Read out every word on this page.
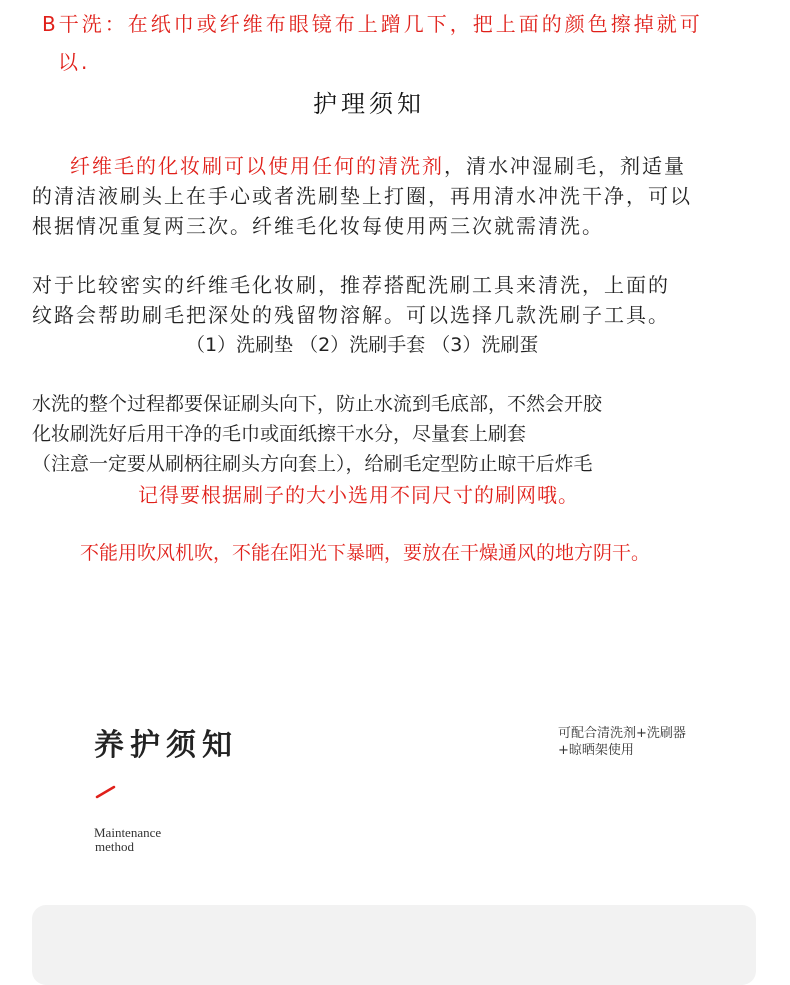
B干洗：在纸巾或纤维布眼镜布上蹭几下，把上面的颜色擦掉就可
以.
护理须知
纤维毛的化妆刷可以使用任何的清洗剂，清水冲湿刷毛，剂适量
的清洁液刷头上在手心或者洗刷垫上打圈，再用清水冲洗干净，可以
根据情况重复两三次。纤维毛化妆每使用两三次就需清洗。
对于比较密实的纤维毛化妆刷，推荐搭配洗刷工具来清洗，上面的
纹路会帮助刷毛把深处的残留物溶解。可以选择几款洗刷子工具。
（1）洗刷垫 （2）洗刷手套 （3）洗刷蛋
水洗的整个过程都要保证刷头向下，防止水流到毛底部，不然会开胶
化妆刷洗好后用干净的毛巾或面纸擦干水分，尽量套上刷套
（注意一定要从刷柄往刷头方向套上），给刷毛定型防止晾干后炸毛
记得要根据刷子的大小选用不同尺寸的刷网哦。
不能用吹风机吹，不能在阳光下暴晒，要放在干燥通风的地方阴干。
养护须知	可配合清洗剂+洗刷器
+晾晒架使用
Maintenance
method
